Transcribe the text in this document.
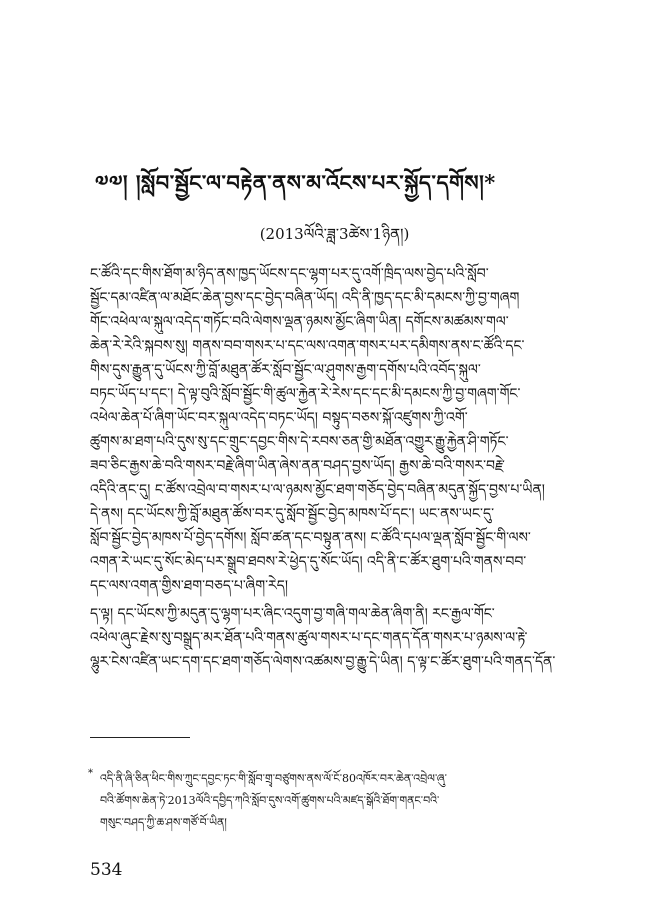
༧༧། །སློབ་སྦྱོང་ལ་བརྟེན་ནས་མ་འོངས་པར་སྐྱོད་དགོས།*
(2013ལོའི་ཟླ་3ཚེས་1ཉིན།)
ང་ཚོའི་དང་གིས་ཐོག་མ་ཉིད་ནས་ཁྱད་ཡོངས་དང་ལྷག་པར་དུ་འགོ་ཁྲིད་ལས་བྱེད་པའི་སློབ་
སྦྱོང་དམ་འཛིན་ལ་མཐོང་ཆེན་བྱས་དང་བྱེད་བཞིན་ཡོད། འདི་ནི་ཁྱད་དང་མི་དམངས་ཀྱི་བྱ་གཞག
གོང་འཕེལ་ལ་སྐུལ་འདེད་གཏོང་བའི་ལེགས་ལྡན་ཉམས་མྱོང་ཞིག་ཡིན། དགོངས་མཚམས་གལ་
ཆེན་རེ་རེའི་སྐབས་སུ། གནས་བབ་གསར་པ་དང་ལས་འགན་གསར་པར་དམིགས་ནས་ང་ཚོའི་དང་
གིས་དུས་རྒྱུན་དུ་ཡོངས་ཀྱི་བློ་མཐུན་ཚོར་སློབ་སྦྱོང་ལ་ཤུགས་རྒྱག་དགོས་པའི་འབོད་སྐུལ་
བཏང་ཡོད་པ་དང་། དེ་ལྟ་བུའི་སློབ་སྦྱོང་གི་ཚུལ་རྐྱེན་རེ་རེས་དང་དང་མི་དམངས་ཀྱི་བྱ་གཞག་གོང་
འཕེལ་ཆེན་པོ་ཞིག་ཡོང་བར་སྐུལ་འདེད་བཏང་ཡོད། བསྟུད་བཅས་སྐོ་འཛུགས་ཀྱི་འགོ་
ཚུགས་མ་ཐག་པའི་དུས་སུ་དང་གྲུང་དབྱང་གིས་དེ་རབས་ཅན་གྱི་མཐོན་འགྱུར་རྒྱུ་རྐྱེན་ཤི་གཏོང་
ཟབ་ཅིང་རྒྱས་ཆེ་བའི་གསར་བརྗེ་ཞིག་ཡིན་ཞེས་ནན་བཤད་བྱས་ཡོད། རྒྱས་ཆེ་བའི་གསར་བརྗེ་
འདིའི་ནང་དུ། ང་ཚོས་འབྲེལ་བ་གསར་པ་ལ་ཉམས་མྱོང་ཐག་གཅོད་བྱེད་བཞིན་མདུན་སྐྱོད་བྱས་པ་ཡིན།
དེ་ནས། དང་ཡོངས་ཀྱི་བློ་མཐུན་ཚོས་བར་དུ་སློབ་སྦྱོང་བྱེད་མཁས་པོ་དང་། ཡང་ནས་ཡང་དུ་
སློབ་སྦྱོང་བྱེད་མཁས་པོ་བྱེད་དགོས། སློབ་ཚན་དང་བསྟུན་ནས། ང་ཚོའི་དཔལ་ལྡན་སློབ་སྦྱོང་གི་ལས་
འགན་རེ་ཡང་དུ་སོང་མེད་པར་སྒྲུབ་ཐབས་རེ་ཕྱེད་དུ་སོང་ཡོད། འདི་ནི་ང་ཚོར་ཐུག་པའི་གནས་བབ་
དང་ལས་འགན་གྱིས་ཐག་བཅད་པ་ཞིག་རེད།
ད་ལྟ། དང་ཡོངས་ཀྱི་མདུན་དུ་ལྷག་པར་ཞིང་འདུག་བྱ་གཞི་གལ་ཆེན་ཞིག་ནི། རང་རྒྱལ་གོང་
འཕེལ་ཞུང་རྗེས་སུ་བསྒྲུད་མར་ཐོན་པའི་གནས་ཚུལ་གསར་པ་དང་གནད་དོན་གསར་པ་ཉམས་ལ་རྟེ་
ལྷུར་ངེས་འཛིན་ཡང་དག་དང་ཐག་གཅོད་ལེགས་འཚམས་བྱ་རྒྱུ་དེ་ཡིན། ད་ལྟ་ང་ཚོར་ཐུག་པའི་གནད་དོན་
* འདི་ནི་ཞི་ཅིན་ཕིང་གིས་ཀྲུང་དབྱང་ཏང་གི་སློབ་གྲྭ་བཙུགས་ནས་ལོ་ངོ་80འཁོར་བར་ཆེན་འབྲེལ་ཞུ་
བའི་ཚོགས་ཆེན་ཏེ་2013ལོའི་དབྱིད་ཀའི་སློབ་དུས་འགོ་ཚུགས་པའི་མཛད་སྒོའི་ཐོག་གནང་བའི་
གསུང་བཤད་ཀྱི་ཆ་ཤས་གཙོ་བོ་ཡིན།
534
